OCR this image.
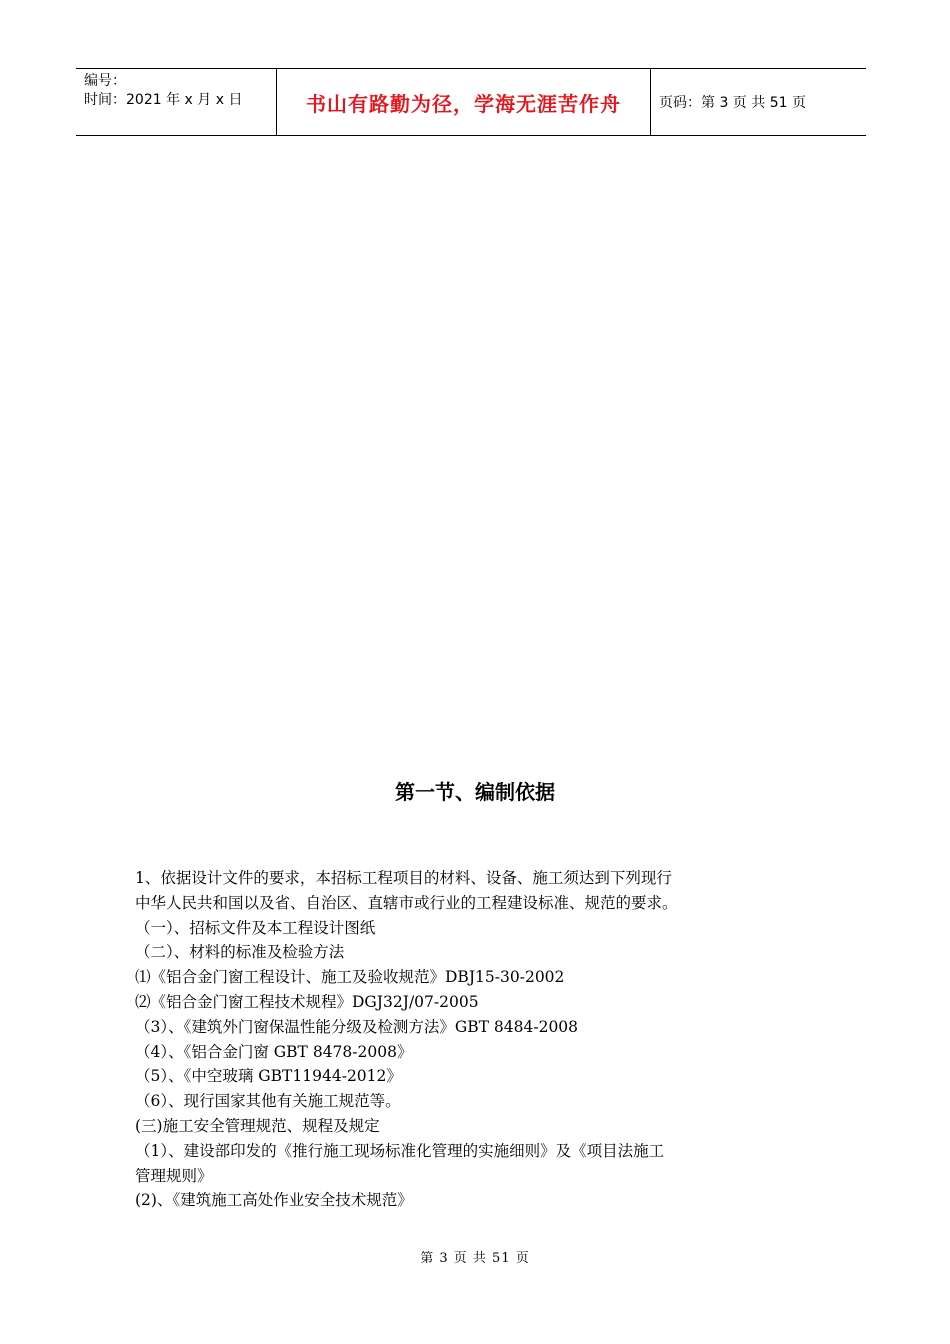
编号：
时间：2021 年 x 月 x 日	书山有路勤为径，学海无涯苦作舟	页码：第 3 页 共 51 页
第一节、编制依据
1、依据设计文件的要求，本招标工程项目的材料、设备、施工须达到下列现行
中华人民共和国以及省、自治区、直辖市或行业的工程建设标准、规范的要求。
（一）、招标文件及本工程设计图纸
（二）、材料的标准及检验方法
⑴《铝合金门窗工程设计、施工及验收规范》DBJ15-30-2002
⑵《铝合金门窗工程技术规程》DGJ32J/07-2005
（3）、《建筑外门窗保温性能分级及检测方法》GBT 8484-2008
（4）、《铝合金门窗 GBT 8478-2008》
（5）、《中空玻璃 GBT11944-2012》
（6）、现行国家其他有关施工规范等。
(三)施工安全管理规范、规程及规定
（1）、建设部印发的《推行施工现场标准化管理的实施细则》及《项目法施工
管理规则》
(2)、《建筑施工高处作业安全技术规范》
第 3 页 共 51 页
